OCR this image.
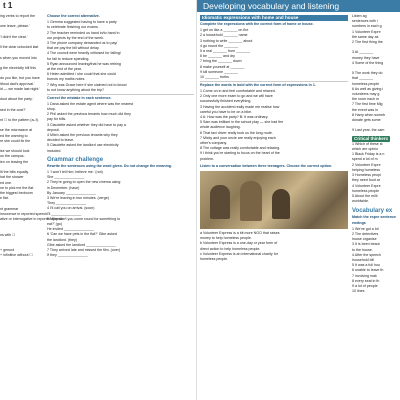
t 1
ing verbs to report the

one leave, please.'

'I didn't the clear.'

ll the clear unlocked last

s when you moved into

g the electricity bill this

do you like, but you have
ithout dad's approval.'
ld — we made last night.'

dout about the party.'

sed in the cost?'

nt ☐ to the pattern (a–f).

se the microwave at
ed the warning to
re she could fix the

ise we should look
on the campus.
ien on leaving the

lit the bills equally.
hat the shower
ed one.
ne to pick me the flat.
the biggest bedroom
e flat.

nt grammar
innocence in reported speech
ative or interrogative in reported speech

ns with ☐

+ gerund
+ infinitive without ☐
Choose the correct alternative.
1 Gemma suggested having to have a party
to celebrate finishing our exams.
2 The teacher reminded us hand in/to hand in
our projects by the end of the week.
3 The phone company demanded us to pay/
that we pay the bill without delay.
4 The council were heavily criticised for failing/
for fail to reduce spending.
5 Ryan announced leaving/that he was retiring
at the end of the year.
6 Helen admitted / she could that she could
borrow my maths notes.
7 Why was Grace here if she claimed not to know/
to not know anything about the trip?
Correct the mistake in each sentence.
1 Dana asked the estate agent where was the nearest
shop.
2 Phil asked the previous tenants how much did they
pay for bills.
3 Claudette asked whether they did have to pay a
deposit.
4 Mitch asked the previous tenants why they
decided to leave.
5 Claudette asked the landlord use electricity
included.
Grammar challenge
Rewrite the sentences using the word given. Do not change the meaning.
1 'I won't tell him; believe me.' (not)
She _______________
2 They're going to open the new cinema using
in December. (have)
By January _______________
3 We're leaving in two minutes. (verge)
They _______________
4 I'll call you on arrival. (soon)
I'll _______________
5 'Why don't you come round for something to
eat?' (go)
He invited _______________
6 'Can we have pets in the flat?' Gibe asked
the landlord. (they)
Gibe asked the landlord _______________
7 They arrived late and missed the film. (over)
If they _______________
Developing vocabulary and listening
Idiomatic expressions with home and house
Complete the expressions with the correct form of home or house.
1 get on like a _______ on fire
2 a household _______ name
3 nothing to write _______ about
4 go round the _______
5 a real _______ from _______
6 be _______ and dry
7 bring the _______ down
8 make yourself at _______
9 kill someone _______
10 _______ truths
Replace the words in bold with the correct form of expressions in 1.
1 Come on in and feel comfortable and relaxed.
2 Only one more exam to go and we will have
successfully finished everything.
3 Having the accident really made me realise how
careful you have to be on a bike.
4 A: How was the party? B: It was ordinary.
5 Sam was brilliant in the school play — she had the
whole audience laughing.
6 That taxi driver really took us the long route.
7 Micky and your uncle are really enjoying each
other's company.
8 The cottage was really comfortable and relaxing.
9 I think you're starting to focus on the heart of the
problem.
Listen to a conversation between three teenagers. Choose the correct option.
a Volunteer Express is a bit more NGO that raises
money to help homeless people.
b Volunteer Express is a one-day or year form of
direct action to help homeless people.
c Volunteer Express is an international charity for
homeless people.
Listen ag
sentences with i
numbers in each g
1 Volunteer Expre
the same day as
2 The first thing the

3 At _______
money they have
4 Some of the thing

5 The work they do
that _______
homeless people
6 As well as giving i
volunteers may g
the room each m
7 The first time Mig
the event was in
8 Harry when someb
donate gets some

9 Last year, the cam
Critical thinkers
1 Which of these st
which are opinio
1 Black Friday is a n
spend a lot of m
2 Volunteer Expre
helping homeless
3 Homeless peopl
they need food ar
4 Volunteer Expre
homeless people
5 About the milli
worldwide.
Vocabulary ex
Match the expre sentence endings
1 We've got a lot
2 The detectives
house organise
3 It is been beaut
to the house.
4 After the speech
household bill
5 It was a full hou
6 unable to leave th
7 involving mak
8 every seat in th
9 a lot of people
10 lines
